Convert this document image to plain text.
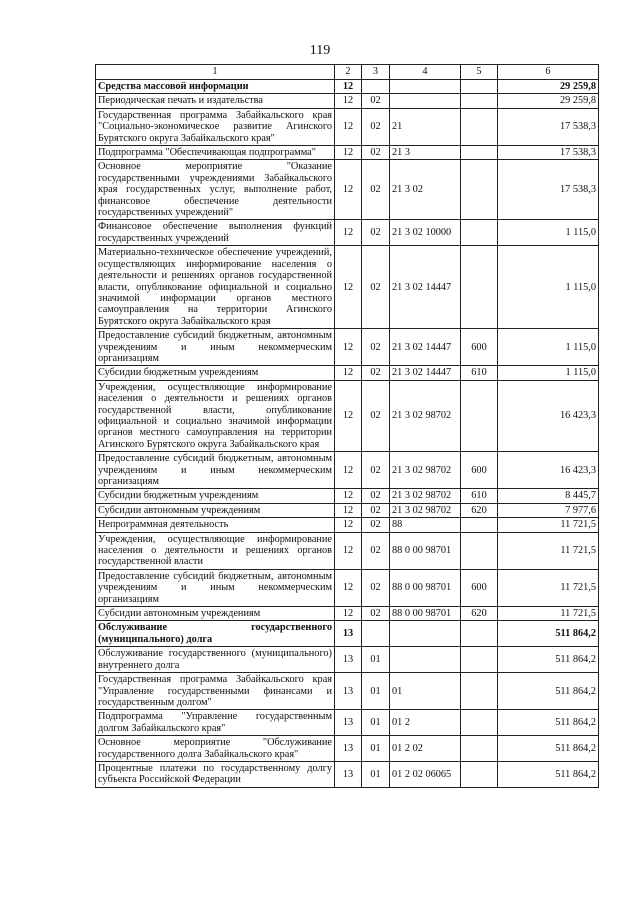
119
1	2	3	4	5	6
Средства массовой информации	12				29 259,8
Периодическая печать и издательства	12	02			29 259,8
Государственная программа Забайкальского края "Социально-экономическое развитие Агинского Бурятского округа Забайкальского края"	12	02	21		17 538,3
Подпрограмма "Обеспечивающая подпрограмма"	12	02	21 3		17 538,3
Основное мероприятие "Оказание государственными учреждениями Забайкальского края государственных услуг, выполнение работ, финансовое обеспечение деятельности государственных учреждений"	12	02	21 3 02		17 538,3
Финансовое обеспечение выполнения функций государственных учреждений	12	02	21 3 02 10000		1 115,0
Материально-техническое обеспечение учреждений, осуществляющих информирование населения о деятельности и решениях органов государственной власти, опубликование официальной и социально значимой информации органов местного самоуправления на территории Агинского Бурятского округа Забайкальского края	12	02	21 3 02 14447		1 115,0
Предоставление субсидий бюджетным, автономным учреждениям и иным некоммерческим организациям	12	02	21 3 02 14447	600	1 115,0
Субсидии бюджетным учреждениям	12	02	21 3 02 14447	610	1 115,0
Учреждения, осуществляющие информирование населения о деятельности и решениях органов государственной власти, опубликование официальной и социально значимой информации органов местного самоуправления на территории Агинского Бурятского округа Забайкальского края	12	02	21 3 02 98702		16 423,3
Предоставление субсидий бюджетным, автономным учреждениям и иным некоммерческим организациям	12	02	21 3 02 98702	600	16 423,3
Субсидии бюджетным учреждениям	12	02	21 3 02 98702	610	8 445,7
Субсидии автономным учреждениям	12	02	21 3 02 98702	620	7 977,6
Непрограммная деятельность	12	02	88		11 721,5
Учреждения, осуществляющие информирование населения о деятельности и решениях органов государственной власти	12	02	88 0 00 98701		11 721,5
Предоставление субсидий бюджетным, автономным учреждениям и иным некоммерческим организациям	12	02	88 0 00 98701	600	11 721,5
Субсидии автономным учреждениям	12	02	88 0 00 98701	620	11 721,5
Обслуживание государственного (муниципального) долга	13				511 864,2
Обслуживание государственного (муниципального) внутреннего долга	13	01			511 864,2
Государственная программа Забайкальского края "Управление государственными финансами и государственным долгом"	13	01	01		511 864,2
Подпрограмма "Управление государственным долгом Забайкальского края"	13	01	01 2		511 864,2
Основное мероприятие "Обслуживание государственного долга Забайкальского края"	13	01	01 2 02		511 864,2
Процентные платежи по государственному долгу субъекта Российской Федерации	13	01	01 2 02 06065		511 864,2
